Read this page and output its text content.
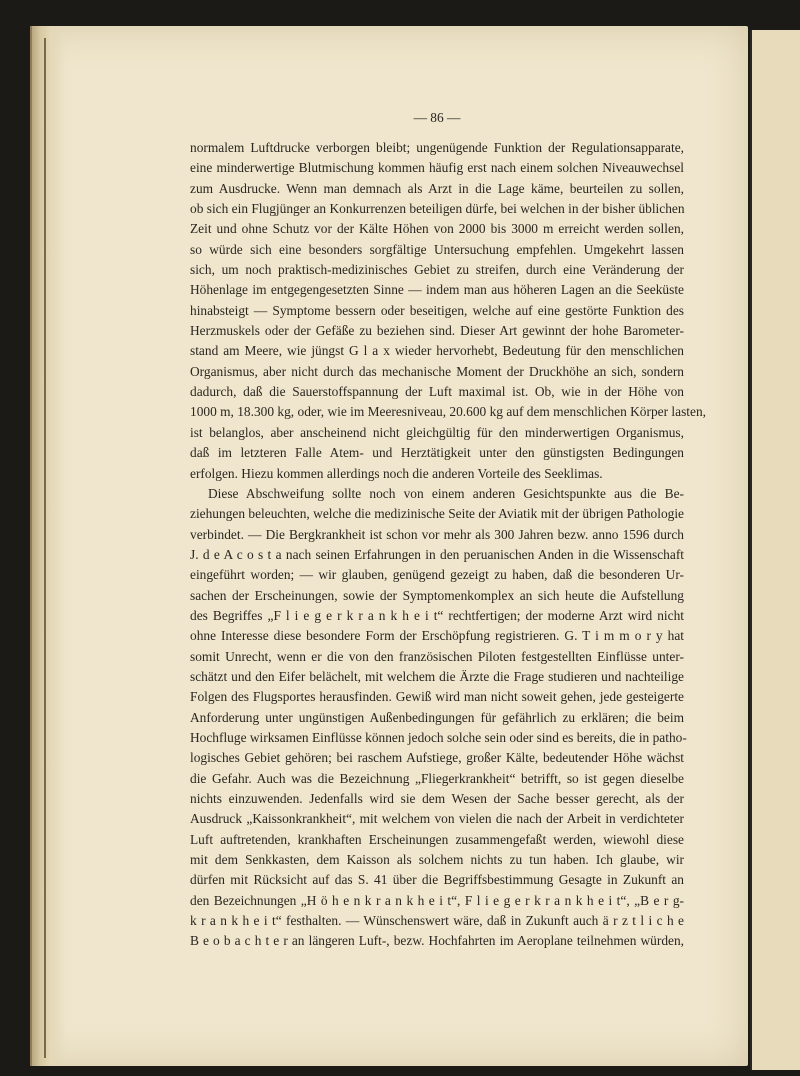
— 86 —
normalem Luftdrucke verborgen bleibt; ungenügende Funktion der Regulationsapparate,
eine minderwertige Blutmischung kommen häufig erst nach einem solchen Niveauwechsel
zum Ausdrucke. Wenn man demnach als Arzt in die Lage käme, beurteilen zu sollen,
ob sich ein Flugjünger an Konkurrenzen beteiligen dürfe, bei welchen in der bisher üblichen
Zeit und ohne Schutz vor der Kälte Höhen von 2000 bis 3000 m erreicht werden sollen,
so würde sich eine besonders sorgfältige Untersuchung empfehlen. Umgekehrt lassen
sich, um noch praktisch-medizinisches Gebiet zu streifen, durch eine Veränderung der
Höhenlage im entgegengesetzten Sinne — indem man aus höheren Lagen an die Seeküste
hinabsteigt — Symptome bessern oder beseitigen, welche auf eine gestörte Funktion des
Herzmuskels oder der Gefäße zu beziehen sind. Dieser Art gewinnt der hohe Barometer-
stand am Meere, wie jüngst G l a x wieder hervorhebt, Bedeutung für den menschlichen
Organismus, aber nicht durch das mechanische Moment der Druckhöhe an sich, sondern
dadurch, daß die Sauerstoffspannung der Luft maximal ist. Ob, wie in der Höhe von
1000 m, 18.300 kg, oder, wie im Meeresniveau, 20.600 kg auf dem menschlichen Körper lasten,
ist belanglos, aber anscheinend nicht gleichgültig für den minderwertigen Organismus,
daß im letzteren Falle Atem- und Herztätigkeit unter den günstigsten Bedingungen
erfolgen. Hiezu kommen allerdings noch die anderen Vorteile des Seeklimas.
Diese Abschweifung sollte noch von einem anderen Gesichtspunkte aus die Be-
ziehungen beleuchten, welche die medizinische Seite der Aviatik mit der übrigen Pathologie
verbindet. — Die Bergkrankheit ist schon vor mehr als 300 Jahren bezw. anno 1596 durch
J. d e A c o s t a nach seinen Erfahrungen in den peruanischen Anden in die Wissenschaft
eingeführt worden; — wir glauben, genügend gezeigt zu haben, daß die besonderen Ur-
sachen der Erscheinungen, sowie der Symptomenkomplex an sich heute die Aufstellung
des Begriffes „F l i e g e r k r a n k h e i t“ rechtfertigen; der moderne Arzt wird nicht
ohne Interesse diese besondere Form der Erschöpfung registrieren. G. T i m m o r y hat
somit Unrecht, wenn er die von den französischen Piloten festgestellten Einflüsse unter-
schätzt und den Eifer belächelt, mit welchem die Ärzte die Frage studieren und nachteilige
Folgen des Flugsportes herausfinden. Gewiß wird man nicht soweit gehen, jede gesteigerte
Anforderung unter ungünstigen Außenbedingungen für gefährlich zu erklären; die beim
Hochfluge wirksamen Einflüsse können jedoch solche sein oder sind es bereits, die in patho-
logisches Gebiet gehören; bei raschem Aufstiege, großer Kälte, bedeutender Höhe wächst
die Gefahr. Auch was die Bezeichnung „Fliegerkrankheit“ betrifft, so ist gegen dieselbe
nichts einzuwenden. Jedenfalls wird sie dem Wesen der Sache besser gerecht, als der
Ausdruck „Kaissonkrankheit“, mit welchem von vielen die nach der Arbeit in verdichteter
Luft auftretenden, krankhaften Erscheinungen zusammengefaßt werden, wiewohl diese
mit dem Senkkasten, dem Kaisson als solchem nichts zu tun haben. Ich glaube, wir
dürfen mit Rücksicht auf das S. 41 über die Begriffsbestimmung Gesagte in Zukunft an
den Bezeichnungen „H ö h e n k r a n k h e i t“, F l i e g e r k r a n k h e i t“, „B e r g-
k r a n k h e i t“ festhalten. — Wünschenswert wäre, daß in Zukunft auch ä r z t l i c h e
B e o b a c h t e r an längeren Luft-, bezw. Hochfahrten im Aeroplane teilnehmen würden,
